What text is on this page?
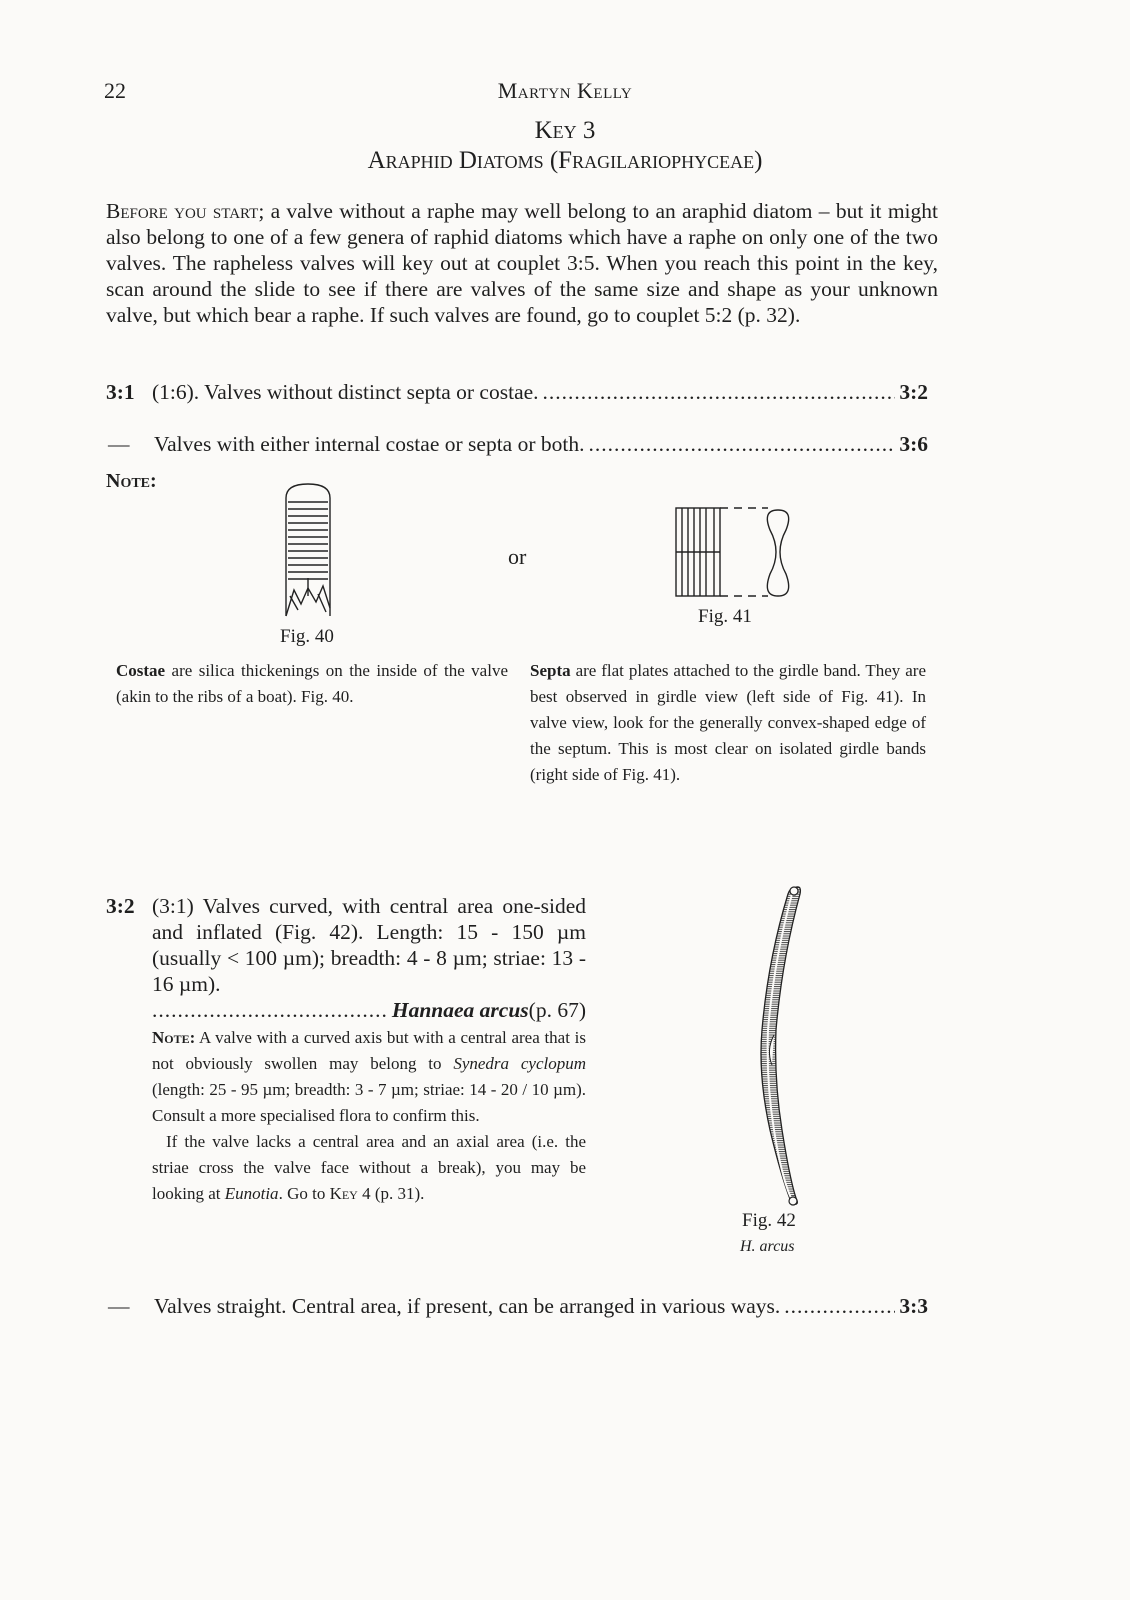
22	Martyn Kelly
Key 3
Araphid Diatoms (Fragilariophyceae)
Before you start; a valve without a raphe may well belong to an araphid diatom – but it might also belong to one of a few genera of raphid diatoms which have a raphe on only one of the two valves. The rapheless valves will key out at couplet 3:5. When you reach this point in the key, scan around the slide to see if there are valves of the same size and shape as your unknown valve, but which bear a raphe. If such valves are found, go to couplet 5:2 (p. 32).
3:1 (1:6). Valves without distinct septa or costae. .....	3:2
—	Valves with either internal costae or septa or both. .....	3:6
Note:
Fig. 40
or
Fig. 41
Costae are silica thickenings on the inside of the valve (akin to the ribs of a boat). Fig. 40.
Septa are flat plates attached to the girdle band. They are best observed in girdle view (left side of Fig. 41). In valve view, look for the generally convex-shaped edge of the septum. This is most clear on isolated girdle bands (right side of Fig. 41).
3:2 (3:1) Valves curved, with central area one-sided and inflated (Fig. 42). Length: 15 - 150 µm (usually < 100 µm); breadth: 4 - 8 µm; striae: 13 - 16 µm).
.....
Hannaea arcus (p. 67)

Note: A valve with a curved axis but with a central area that is not obviously swollen may belong to Synedra cyclopum (length: 25 - 95 µm; breadth: 3 - 7 µm; striae: 14 - 20 / 10 µm). Consult a more specialised flora to confirm this.

If the valve lacks a central area and an axial area (i.e. the striae cross the valve face without a break), you may be looking at Eunotia. Go to Key 4 (p. 31).

Fig. 42
H. arcus
—	Valves straight. Central area, if present, can be arranged in various ways. .....	3:3
